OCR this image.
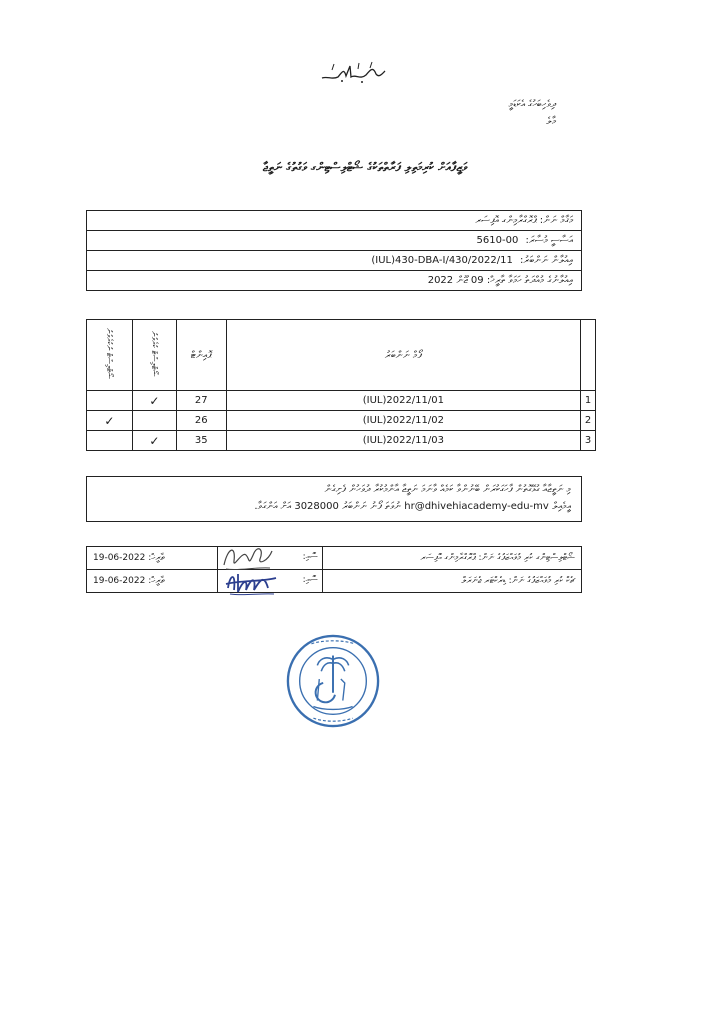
ދިވެހިބަހުގެ އެކަޑަމީ
މާލެ
ވަޒީފާއަށް ކުރިމަތިލި ފަރާތްތަކުގެ ޝޯޓްލިސްޓިންގ ވަގުތުގެ ނަތީޖާ
މަޤާމް ނަން: ޕްރޮގްރާމިންގ އޮފިސަރ
އަސާސީ މުސާރަ: 5610-00
އިއުލާން ނަންބަރު: (IUL)430-DBA-I/430/2022/11
އިއުލާނުގެ މުއްދަތު ހަމަވާ ތާރީޚް: 09 ޖޫން 2022
ޝޯޓްލިސްޓް ނުކުރެވުނު	ޝޯޓްލިސްޓް ކުރެވުނު	ޕޮއިންޓް	ފޯމް ނަންބަރު	
	✓	27	(IUL)2022/11/01	1
✓		26	(IUL)2022/11/02	2
	✓	35	(IUL)2022/11/03	3
މި ނަތީޖާއާ ގުޅޭގޮތުން ފާހަގަކުރަން ބޭނުންވާ ކަމެއް ވާނަމަ ނަތީޖާ އާންމުކުރާ ދުވަހުން ފެށިގެން
އީމެއިލް hr@dhivehiacademy-edu-mv ނުވަތަ ފޯނު ނަންބަރު 3028000 އަށް އަންގަވާ.
ތާރީޚް: 19-06-2022	ސޮއި:	ޝޯޓްލިސްޓިންގ ކުރި މުވައްޒަފުގެ ނަން: ޕްރޮގްރާމިންގ އޮފިސަރ
ތާރީޚް: 19-06-2022	ސޮއި:	ޗެކް ކުރި މުވައްޒަފުގެ ނަން: ޑިރެކްޓަރ ޖެނަރަލް
